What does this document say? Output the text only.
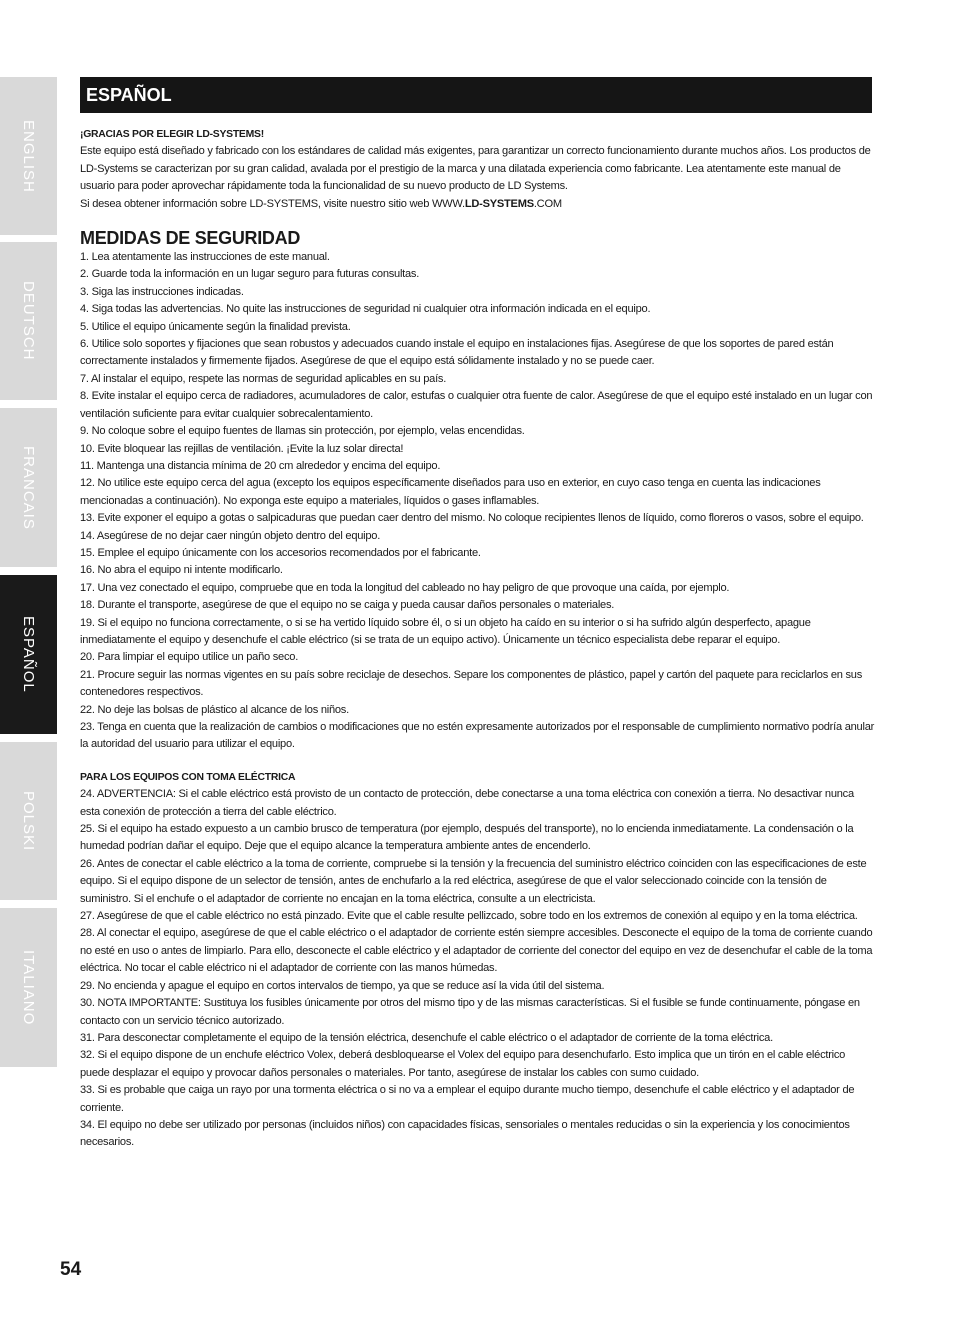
ENGLISH
DEUTSCH
FRANCAIS
ESPAÑOL
POLSKI
ITALIANO
ESPAÑOL

¡GRACIAS POR ELEGIR LD-SYSTEMS!

Este equipo está diseñado y fabricado con los estándares de calidad más exigentes, para garantizar un correcto funcionamiento durante muchos años. Los productos de LD-Systems se caracterizan por su gran calidad, avalada por el prestigio de la marca y una dilatada experiencia como fabricante. Lea atentamente este manual de usuario para poder aprovechar rápidamente toda la funcionalidad de su nuevo producto de LD Systems.

Si desea obtener información sobre LD-SYSTEMS, visite nuestro sitio web WWW.LD-SYSTEMS.COM

MEDIDAS DE SEGURIDAD

1. Lea atentamente las instrucciones de este manual.

2. Guarde toda la información en un lugar seguro para futuras consultas.

3. Siga las instrucciones indicadas.

4. Siga todas las advertencias. No quite las instrucciones de seguridad ni cualquier otra información indicada en el equipo.

5. Utilice el equipo únicamente según la finalidad prevista.

6. Utilice solo soportes y fijaciones que sean robustos y adecuados cuando instale el equipo en instalaciones fijas. Asegúrese de que los soportes de pared están correctamente instalados y firmemente fijados. Asegúrese de que el equipo está sólidamente instalado y no se puede caer.

7. Al instalar el equipo, respete las normas de seguridad aplicables en su país.

8. Evite instalar el equipo cerca de radiadores, acumuladores de calor, estufas o cualquier otra fuente de calor. Asegúrese de que el equipo esté instalado en un lugar con ventilación suficiente para evitar cualquier sobrecalentamiento.

9. No coloque sobre el equipo fuentes de llamas sin protección, por ejemplo, velas encendidas.

10. Evite bloquear las rejillas de ventilación. ¡Evite la luz solar directa!

11. Mantenga una distancia mínima de 20 cm alrededor y encima del equipo.

12. No utilice este equipo cerca del agua (excepto los equipos específicamente diseñados para uso en exterior, en cuyo caso tenga en cuenta las indicaciones mencionadas a continuación). No exponga este equipo a materiales, líquidos o gases inflamables.

13. Evite exponer el equipo a gotas o salpicaduras que puedan caer dentro del mismo. No coloque recipientes llenos de líquido, como floreros o vasos, sobre el equipo.

14. Asegúrese de no dejar caer ningún objeto dentro del equipo.

15. Emplee el equipo únicamente con los accesorios recomendados por el fabricante.

16. No abra el equipo ni intente modificarlo.

17. Una vez conectado el equipo, compruebe que en toda la longitud del cableado no hay peligro de que provoque una caída, por ejemplo.

18. Durante el transporte, asegúrese de que el equipo no se caiga y pueda causar daños personales o materiales.

19. Si el equipo no funciona correctamente, o si se ha vertido líquido sobre él, o si un objeto ha caído en su interior o si ha sufrido algún desperfecto, apague inmediatamente el equipo y desenchufe el cable eléctrico (si se trata de un equipo activo). Únicamente un técnico especialista debe reparar el equipo.

20. Para limpiar el equipo utilice un paño seco.

21. Procure seguir las normas vigentes en su país sobre reciclaje de desechos. Separe los componentes de plástico, papel y cartón del paquete para reciclarlos en sus contenedores respectivos.

22. No deje las bolsas de plástico al alcance de los niños.

23. Tenga en cuenta que la realización de cambios o modificaciones que no estén expresamente autorizados por el responsable de cumplimiento normativo podría anular la autoridad del usuario para utilizar el equipo.

PARA LOS EQUIPOS CON TOMA ELÉCTRICA

24. ADVERTENCIA: Si el cable eléctrico está provisto de un contacto de protección, debe conectarse a una toma eléctrica con conexión a tierra. No desactivar nunca esta conexión de protección a tierra del cable eléctrico.

25. Si el equipo ha estado expuesto a un cambio brusco de temperatura (por ejemplo, después del transporte), no lo encienda inmediatamente. La condensación o la humedad podrían dañar el equipo. Deje que el equipo alcance la temperatura ambiente antes de encenderlo.

26. Antes de conectar el cable eléctrico a la toma de corriente, compruebe si la tensión y la frecuencia del suministro eléctrico coinciden con las especificaciones de este equipo. Si el equipo dispone de un selector de tensión, antes de enchufarlo a la red eléctrica, asegúrese de que el valor seleccionado coincide con la tensión de suministro. Si el enchufe o el adaptador de corriente no encajan en la toma eléctrica, consulte a un electricista.

27. Asegúrese de que el cable eléctrico no está pinzado. Evite que el cable resulte pellizcado, sobre todo en los extremos de conexión al equipo y en la toma eléctrica.

28. Al conectar el equipo, asegúrese de que el cable eléctrico o el adaptador de corriente estén siempre accesibles. Desconecte el equipo de la toma de corriente cuando no esté en uso o antes de limpiarlo. Para ello, desconecte el cable eléctrico y el adaptador de corriente del conector del equipo en vez de desenchufar el cable de la toma eléctrica. No tocar el cable eléctrico ni el adaptador de corriente con las manos húmedas.

29. No encienda y apague el equipo en cortos intervalos de tiempo, ya que se reduce así la vida útil del sistema.

30. NOTA IMPORTANTE: Sustituya los fusibles únicamente por otros del mismo tipo y de las mismas características. Si el fusible se funde continuamente, póngase en contacto con un servicio técnico autorizado.

31. Para desconectar completamente el equipo de la tensión eléctrica, desenchufe el cable eléctrico o el adaptador de corriente de la toma eléctrica.

32. Si el equipo dispone de un enchufe eléctrico Volex, deberá desbloquearse el Volex del equipo para desenchufarlo. Esto implica que un tirón en el cable eléctrico puede desplazar el equipo y provocar daños personales o materiales. Por tanto, asegúrese de instalar los cables con sumo cuidado.

33. Si es probable que caiga un rayo por una tormenta eléctrica o si no va a emplear el equipo durante mucho tiempo, desenchufe el cable eléctrico y el adaptador de corriente.

34. El equipo no debe ser utilizado por personas (incluidos niños) con capacidades físicas, sensoriales o mentales reducidas o sin la experiencia y los conocimientos necesarios.

54
